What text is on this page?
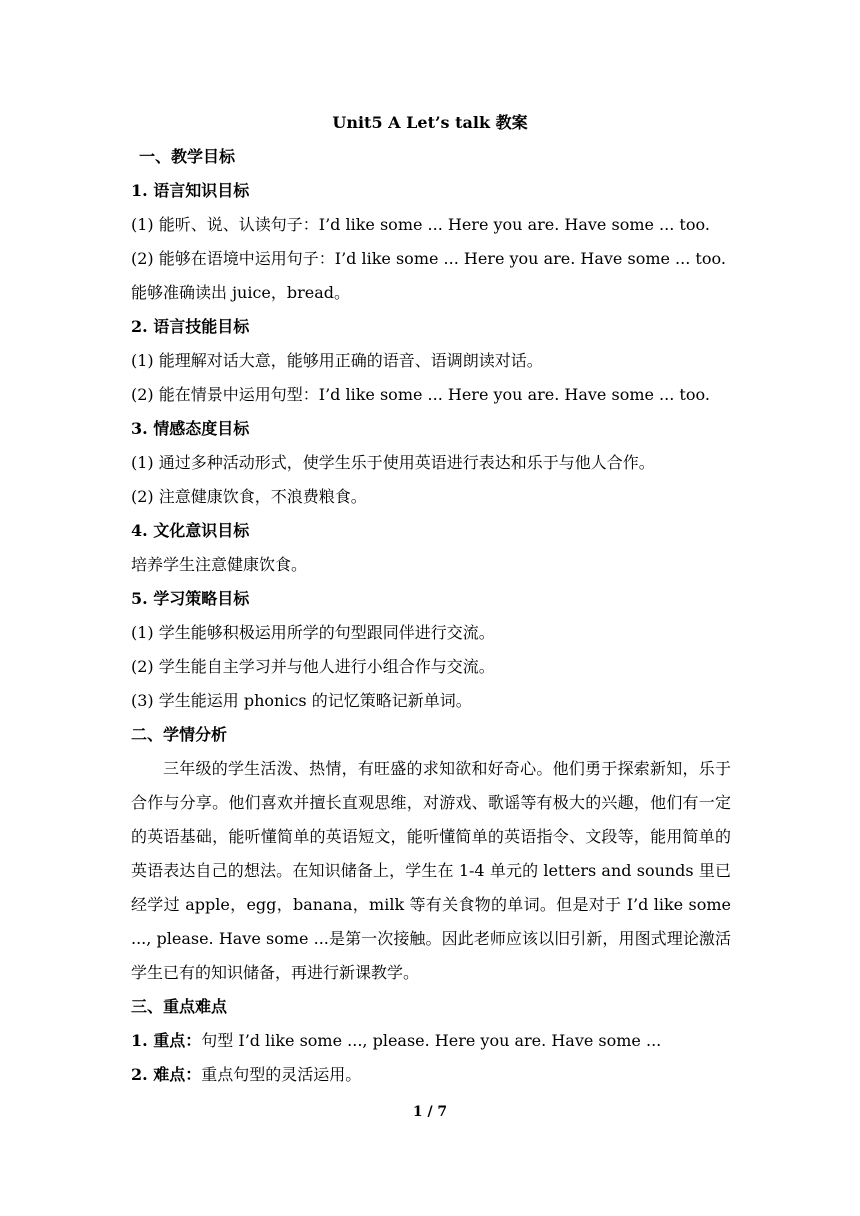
Unit5 A Let’s talk 教案
一、教学目标
1. 语言知识目标
(1) 能听、说、认读句子：I’d like some ... Here you are. Have some ... too.
(2) 能够在语境中运用句子：I’d like some ... Here you are. Have some ... too.
能够准确读出 juice，bread。
2. 语言技能目标
(1) 能理解对话大意，能够用正确的语音、语调朗读对话。
(2) 能在情景中运用句型：I’d like some ... Here you are. Have some ... too.
3. 情感态度目标
(1) 通过多种活动形式，使学生乐于使用英语进行表达和乐于与他人合作。
(2) 注意健康饮食，不浪费粮食。
4. 文化意识目标
培养学生注意健康饮食。
5. 学习策略目标
(1) 学生能够积极运用所学的句型跟同伴进行交流。
(2) 学生能自主学习并与他人进行小组合作与交流。
(3) 学生能运用 phonics 的记忆策略记新单词。
二、学情分析
三年级的学生活泼、热情，有旺盛的求知欲和好奇心。他们勇于探索新知，乐于合作与分享。他们喜欢并擅长直观思维，对游戏、歌谣等有极大的兴趣，他们有一定的英语基础，能听懂简单的英语短文，能听懂简单的英语指令、文段等，能用简单的英语表达自己的想法。在知识储备上，学生在 1-4 单元的 letters and sounds 里已经学过 apple，egg，banana，milk 等有关食物的单词。但是对于 I’d like some ..., please. Have some ...是第一次接触。因此老师应该以旧引新，用图式理论激活学生已有的知识储备，再进行新课教学。
三、重点难点
1. 重点：句型 I’d like some ..., please. Here you are. Have some ...
2. 难点：重点句型的灵活运用。
1 / 7
